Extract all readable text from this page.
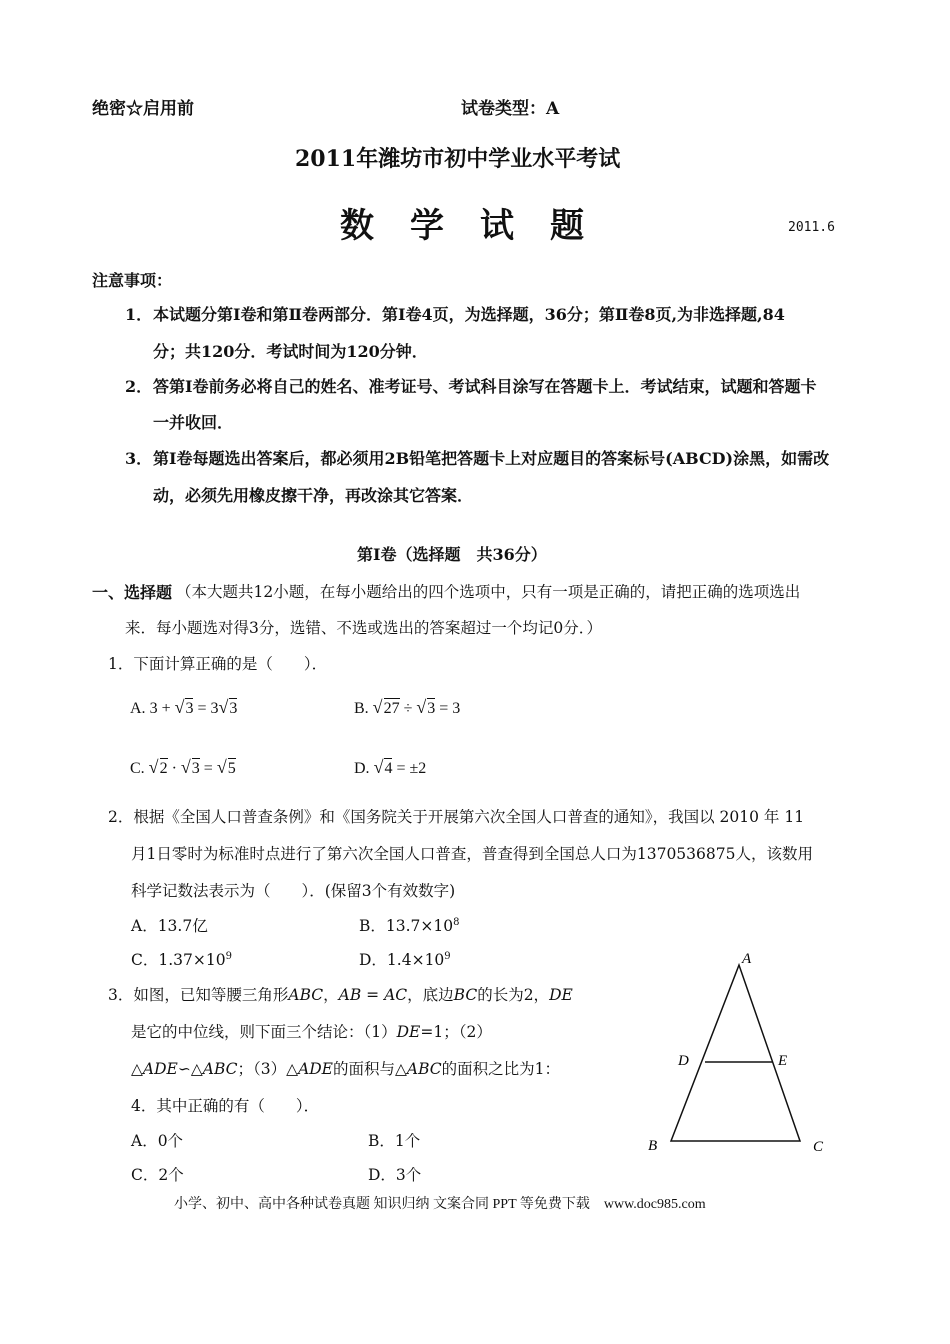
绝密☆启用前	试卷类型：A
2011年潍坊市初中学业水平考试
数学试题	2011.6
注意事项：
1． 本试题分第Ⅰ卷和第Ⅱ卷两部分．第Ⅰ卷4页，为选择题，36分；第Ⅱ卷8页,为非选择题,84
分；共120分．考试时间为120分钟．
2． 答第Ⅰ卷前务必将自己的姓名、准考证号、考试科目涂写在答题卡上．考试结束，试题和答题卡
一并收回．
3． 第Ⅰ卷每题选出答案后，都必须用2B铅笔把答题卡上对应题目的答案标号(ABCD)涂黑，如需改
动，必须先用橡皮擦干净，再改涂其它答案．
第Ⅰ卷（选择题　共36分）
一、选择题 （本大题共12小题，在每小题给出的四个选项中，只有一项是正确的，请把正确的选项选出
来．每小题选对得3分，选错、不选或选出的答案超过一个均记0分．）
1．下面计算正确的是（　　）．
A. 3 + √3 = 3√3	B. √27 ÷ √3 = 3
C. √2 · √3 = √5	D. √4 = ±2
2．根据《全国人口普查条例》和《国务院关于开展第六次全国人口普查的通知》，我国以 2010 年 11
月1日零时为标准时点进行了第六次全国人口普查，普查得到全国总人口为1370536875人，该数用
科学记数法表示为（　　）．(保留3个有效数字)
A．13.7亿	B．$13.7\times 10^8$
C．$1.37\times 10^9$	D．$1.4\times 10^9$
3．如图，已知等腰三角形ABC，AB = AC，底边BC的长为2，DE
是它的中位线，则下面三个结论：（1）DE=1；（2）
△ADE∽△ABC；（3）△ADE的面积与△ABC的面积之比为1：
4．其中正确的有（　　）．
A．0个	B．1个
C．2个	D．3个
A
B	C
D	E
小学、初中、高中各种试卷真题 知识归纳 文案合同 PPT 等免费下载　www.doc985.com
